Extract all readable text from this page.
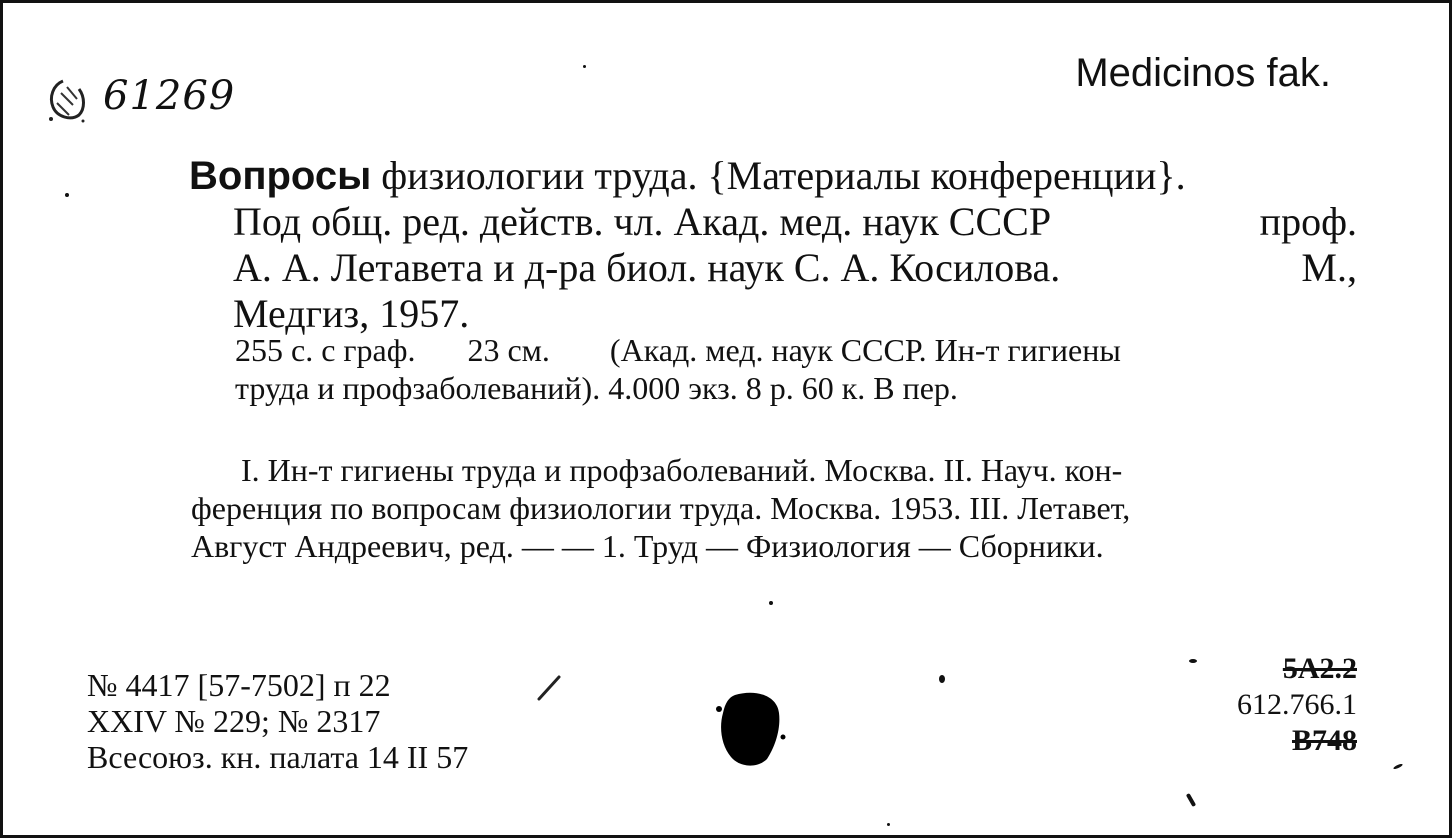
61269	Medicinos fak.
Вопросы физиологии труда. {Материалы конференции}.
Под общ. ред. действ. чл. Акад. мед. наук СССР	проф.
А. А. Летавета и д-ра биол. наук С. А. Косилова.	М.,
Медгиз, 1957.
255 с. с граф. 23 см. (Акад. мед. наук СССР. Ин-т гигиены
труда и профзаболеваний). 4.000 экз. 8 р. 60 к. В пер.
I. Ин-т гигиены труда и профзаболеваний. Москва. II. Науч. кон-
ференция по вопросам физиологии труда. Москва. 1953. III. Летавет,
Август Андреевич, ред. — — 1. Труд — Физиология — Сборники.
№ 4417 [57-7502] п 22
XXIV № 229; № 2317
Всесоюз. кн. палата 14 II 57
5А2.2
612.766.1
В748
